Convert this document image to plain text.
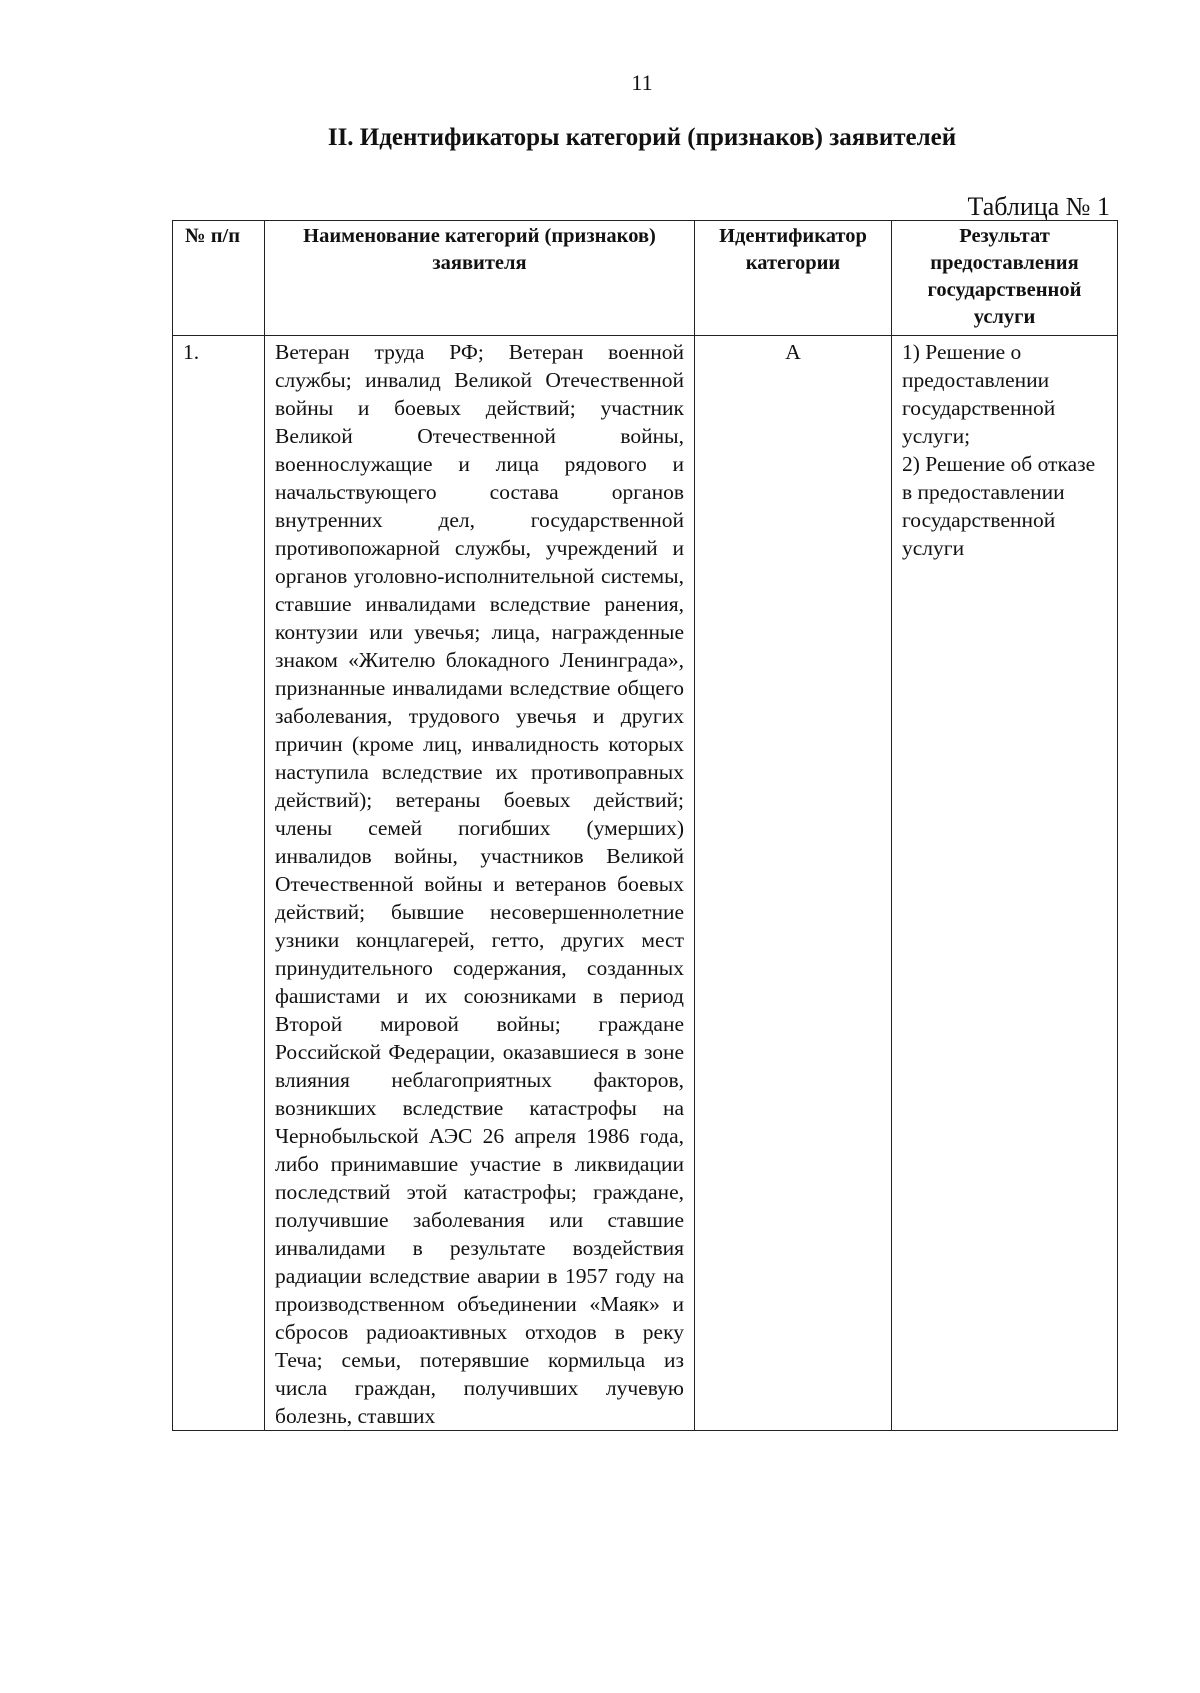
11
II. Идентификаторы категорий (признаков) заявителей
Таблица № 1
№ п/п	Наименование категорий (признаков) заявителя	Идентификатор категории	Результат предоставления государственной услуги
1.	Ветеран труда РФ; Ветеран военной службы; инвалид Великой Отечественной войны и боевых действий; участник Великой Отечественной войны, военнослужащие и лица рядового и начальствующего состава органов внутренних дел, государственной противопожарной службы, учреждений и органов уголовно-исполнительной системы, ставшие инвалидами вследствие ранения, контузии или увечья; лица, награжденные знаком «Жителю блокадного Ленинграда», признанные инвалидами вследствие общего заболевания, трудового увечья и других причин (кроме лиц, инвалидность которых наступила вследствие их противоправных действий); ветераны боевых действий; члены семей погибших (умерших) инвалидов войны, участников Великой Отечественной войны и ветеранов боевых действий; бывшие несовершеннолетние узники концлагерей, гетто, других мест принудительного содержания, созданных фашистами и их союзниками в период Второй мировой войны; граждане Российской Федерации, оказавшиеся в зоне влияния неблагоприятных факторов, возникших вследствие катастрофы на Чернобыльской АЭС 26 апреля 1986 года, либо принимавшие участие в ликвидации последствий этой катастрофы; граждане, получившие заболевания или ставшие инвалидами в результате воздействия радиации вследствие аварии в 1957 году на производственном объединении «Маяк» и сбросов радиоактивных отходов в реку Теча; семьи, потерявшие кормильца из числа граждан, получивших лучевую болезнь, ставших	А	1) Решение о предоставлении государственной услуги;
2) Решение об отказе в предоставлении государственной услуги
